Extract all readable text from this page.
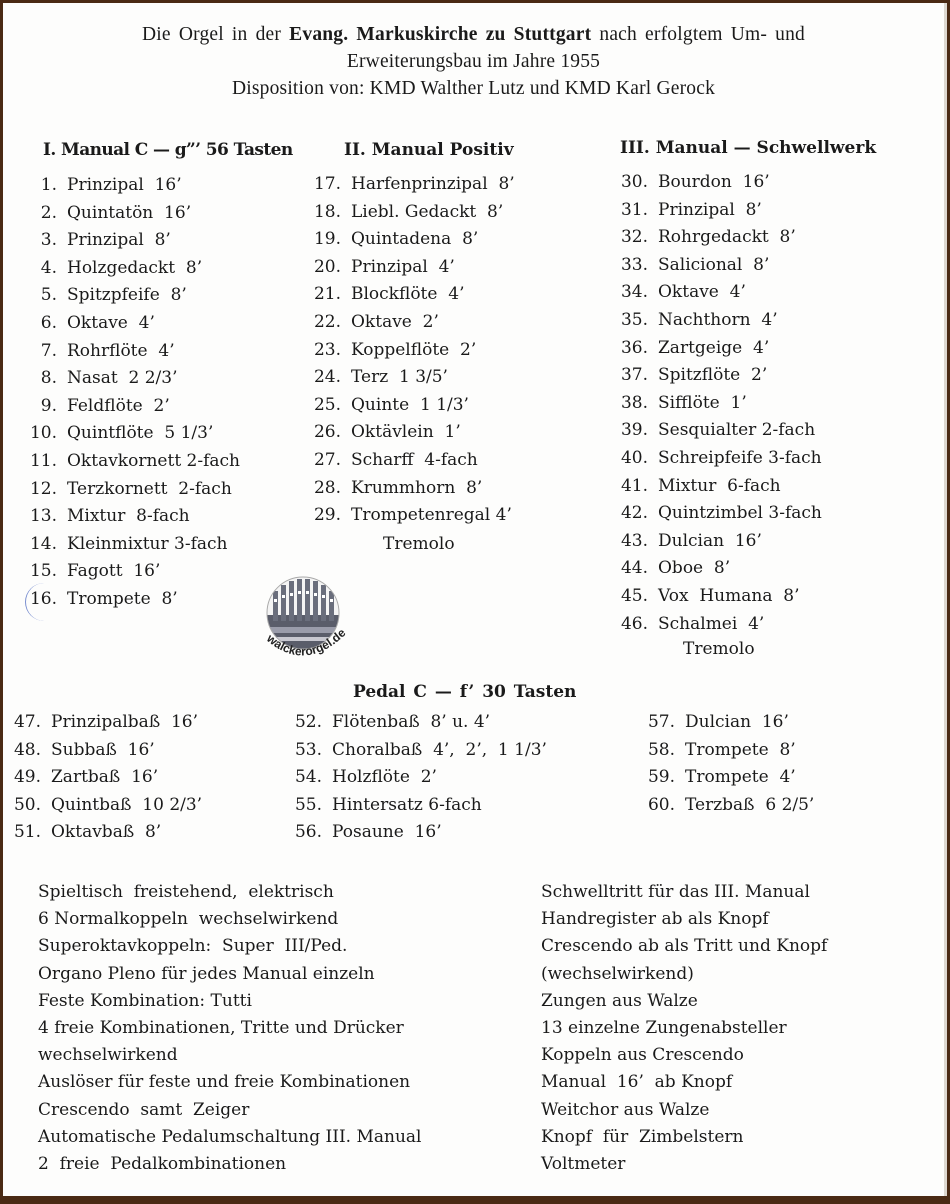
Die Orgel in der Evang. Markuskirche zu Stuttgart nach erfolgtem Um- und
Erweiterungsbau im Jahre 1955
Disposition von: KMD Walther Lutz und KMD Karl Gerock
I. Manual C — g”’ 56 Tasten
1. Prinzipal  16’
2. Quintatön  16’
3. Prinzipal  8’
4. Holzgedackt  8’
5. Spitzpfeife  8’
6. Oktave  4’
7. Rohrflöte  4’
8. Nasat  2 2/3’
9. Feldflöte  2’
10. Quintflöte  5 1/3’
11. Oktavkornett 2-fach
12. Terzkornett  2-fach
13. Mixtur  8-fach
14. Kleinmixtur 3-fach
15. Fagott  16’
16. Trompete  8’
II. Manual Positiv
17. Harfenprinzipal  8’
18. Liebl. Gedackt  8’
19. Quintadena  8’
20. Prinzipal  4’
21. Blockflöte  4’
22. Oktave  2’
23. Koppelflöte  2’
24. Terz  1 3/5’
25. Quinte  1 1/3’
26. Oktävlein  1’
27. Scharff  4-fach
28. Krummhorn  8’
29. Trompetenregal 4’
Tremolo
III. Manual — Schwellwerk
30. Bourdon  16’
31. Prinzipal  8’
32. Rohrgedackt  8’
33. Salicional  8’
34. Oktave  4’
35. Nachthorn  4’
36. Zartgeige  4’
37. Spitzflöte  2’
38. Sifflöte  1’
39. Sesquialter 2-fach
40. Schreipfeife 3-fach
41. Mixtur  6-fach
42. Quintzimbel 3-fach
43. Dulcian  16’
44. Oboe  8’
45. Vox  Humana  8’
46. Schalmei  4’
Tremolo
walckerorgel.de
Pedal C — f’ 30 Tasten
47. Prinzipalbaß  16’
48. Subbaß  16’
49. Zartbaß  16’
50. Quintbaß  10 2/3’
51. Oktavbaß  8’
52. Flötenbaß  8’ u. 4’
53. Choralbaß  4’,  2’,  1 1/3’
54. Holzflöte  2’
55. Hintersatz 6-fach
56. Posaune  16’
57. Dulcian  16’
58. Trompete  8’
59. Trompete  4’
60. Terzbaß  6 2/5’
Spieltisch  freistehend,  elektrisch
6 Normalkoppeln  wechselwirkend
Superoktavkoppeln:  Super  III/Ped.
Organo Pleno für jedes Manual einzeln
Feste Kombination: Tutti
4 freie Kombinationen, Tritte und Drücker
wechselwirkend
Auslöser für feste und freie Kombinationen
Crescendo  samt  Zeiger
Automatische Pedalumschaltung III. Manual
2  freie  Pedalkombinationen
Schwelltritt für das III. Manual
Handregister ab als Knopf
Crescendo ab als Tritt und Knopf
(wechselwirkend)
Zungen aus Walze
13 einzelne Zungenabsteller
Koppeln aus Crescendo
Manual  16’  ab Knopf
Weitchor aus Walze
Knopf  für  Zimbelstern
Voltmeter
